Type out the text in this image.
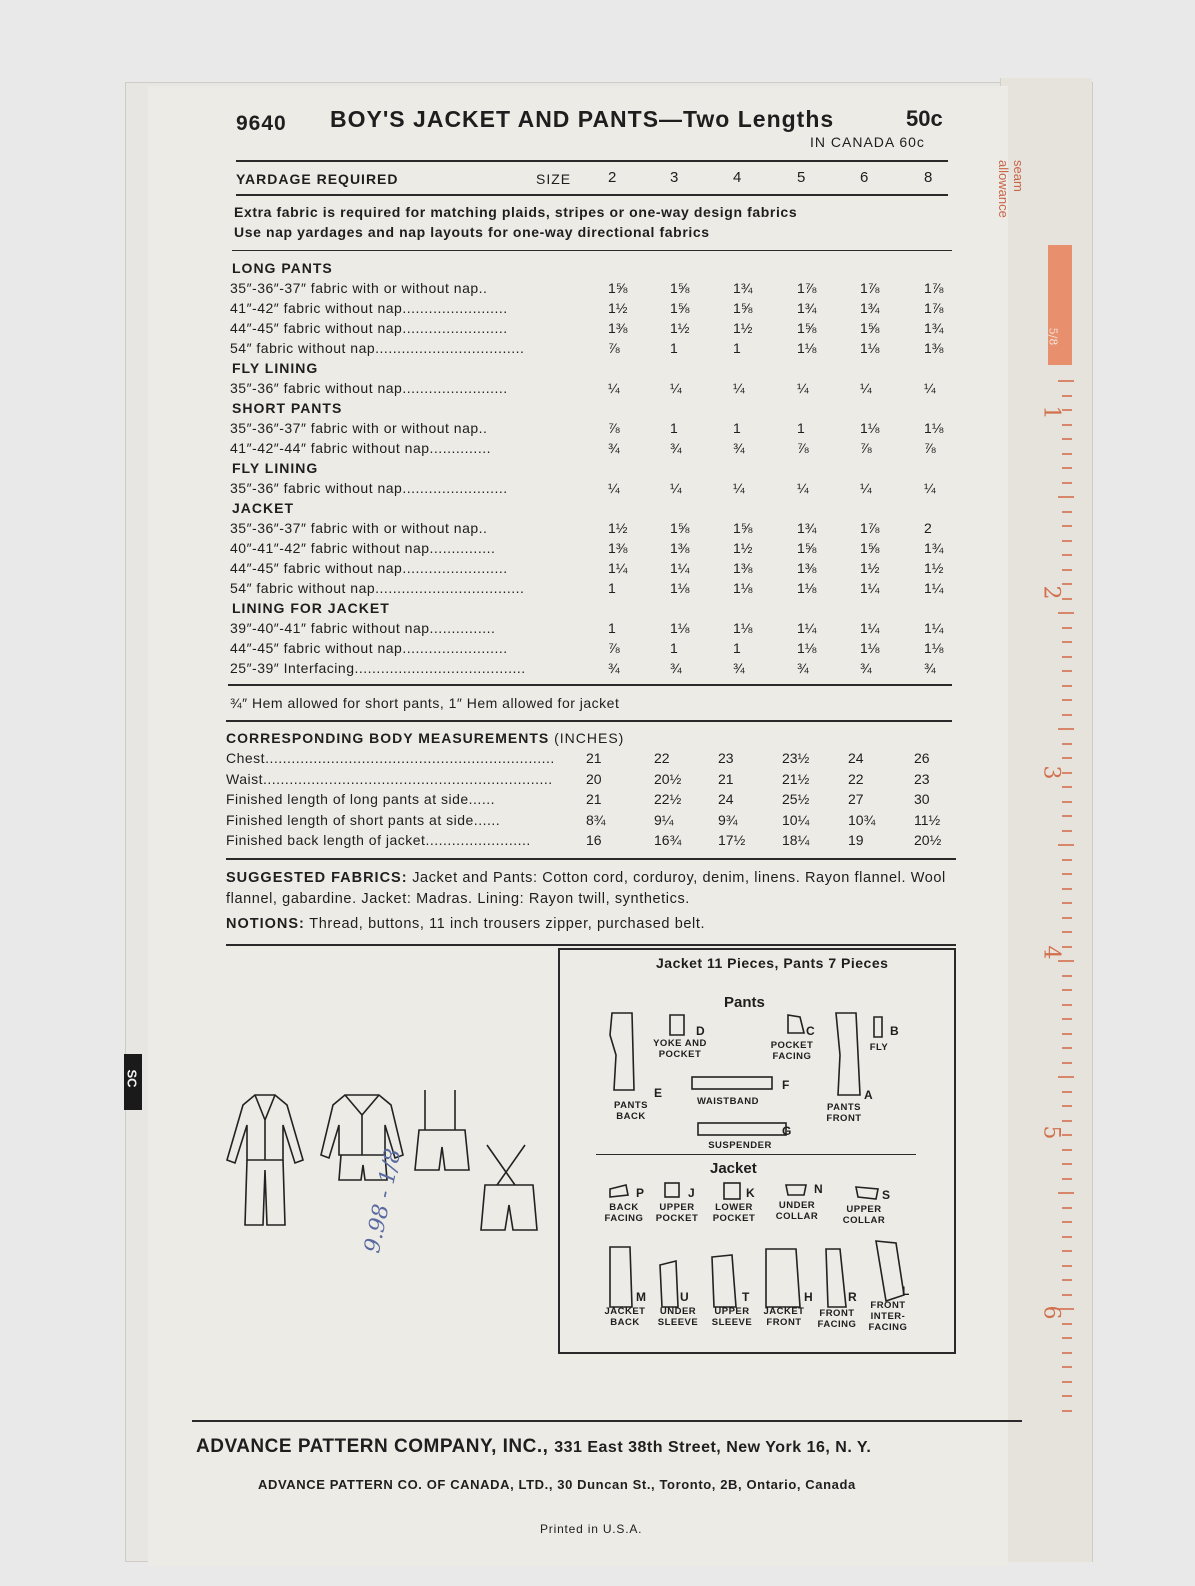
seam allowance
1
2
3
4
5
6
5/8
9640 BOY'S JACKET AND PANTS—Two Lengths	50c
IN CANADA 60c
YARDAGE REQUIRED	SIZE 2	3	4	5	6	8
Extra fabric is required for matching plaids, stripes or one-way design fabrics
Use nap yardages and nap layouts for one-way directional fabrics
LONG PANTS
35″-36″-37″ fabric with or without nap..	1⅝	1⅝	1¾	1⅞	1⅞	1⅞
41″-42″ fabric without nap........................	1½	1⅝	1⅝	1¾	1¾	1⅞
44″-45″ fabric without nap........................	1⅜	1½	1½	1⅝	1⅝	1¾
54″ fabric without nap..................................	⅞	1	1	1⅛	1⅛	1⅜
FLY LINING
35″-36″ fabric without nap........................	¼	¼	¼	¼	¼	¼
SHORT PANTS
35″-36″-37″ fabric with or without nap..	⅞	1	1	1	1⅛	1⅛
41″-42″-44″ fabric without nap..............	¾	¾	¾	⅞	⅞	⅞
FLY LINING
35″-36″ fabric without nap........................	¼	¼	¼	¼	¼	¼
JACKET
35″-36″-37″ fabric with or without nap..	1½	1⅝	1⅝	1¾	1⅞	2
40″-41″-42″ fabric without nap...............	1⅜	1⅜	1½	1⅝	1⅝	1¾
44″-45″ fabric without nap........................	1¼	1¼	1⅜	1⅜	1½	1½
54″ fabric without nap..................................	1	1⅛	1⅛	1⅛	1¼	1¼
LINING FOR JACKET
39″-40″-41″ fabric without nap...............	1	1⅛	1⅛	1¼	1¼	1¼
44″-45″ fabric without nap........................	⅞	1	1	1⅛	1⅛	1⅛
25″-39″ Interfacing.......................................	¾	¾	¾	¾	¾	¾
¾″ Hem allowed for short pants, 1″ Hem allowed for jacket
CORRESPONDING BODY MEASUREMENTS (INCHES)
Chest.................................................................. 21	22	23	23½	24	26
Waist.................................................................. 20	20½	21	21½	22	23
Finished length of long pants at side......	21	22½	24	25½	27	30
Finished length of short pants at side......	8¾	9¼	9¾	10¼	10¾	11½
Finished back length of jacket........................	16	16¾	17½	18¼	19	20½
SUGGESTED FABRICS: Jacket and Pants: Cotton cord, corduroy, denim, linens. Rayon flannel. Wool flannel, gabardine. Jacket: Madras. Lining: Rayon twill, synthetics.
NOTIONS: Thread, buttons, 11 inch trousers zipper, purchased belt.
9.98 - 1/8
SC
Jacket 11 Pieces, Pants 7 Pieces
Pants
Jacket
PANTS BACK
E
YOKE AND POCKET
D
POCKET FACING
C
FLY
B
PANTS FRONT
A
WAISTBAND
F
SUSPENDER
G
BACK FACING
P
UPPER POCKET
J
LOWER POCKET
K
UNDER COLLAR
N
UPPER COLLAR
S
JACKET BACK
M
UNDER SLEEVE
U
UPPER SLEEVE
T
JACKET FRONT
H
FRONT FACING
R
FRONT INTER-FACING
L
ADVANCE PATTERN COMPANY, INC., 331 East 38th Street, New York 16, N. Y.
ADVANCE PATTERN CO. OF CANADA, LTD., 30 Duncan St., Toronto, 2B, Ontario, Canada
Printed in U.S.A.
